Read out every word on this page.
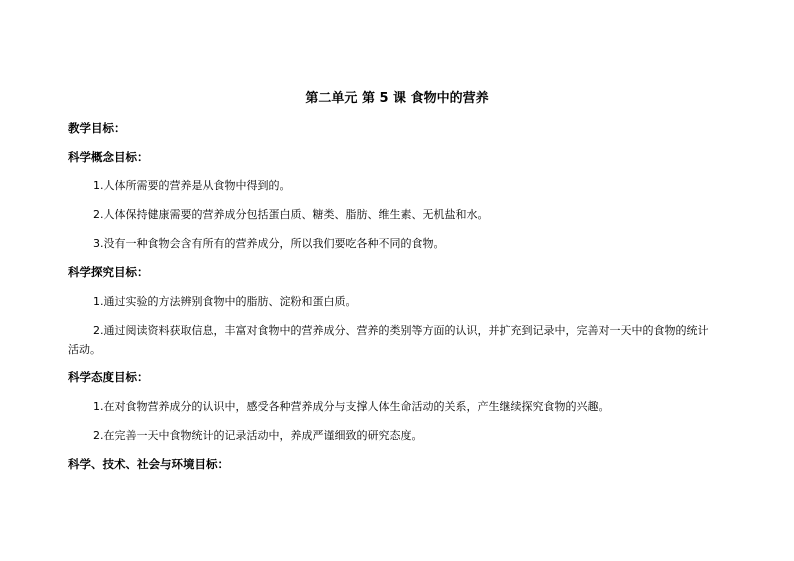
第二单元 第 5 课 食物中的营养
教学目标：
科学概念目标：
1.人体所需要的营养是从食物中得到的。
2.人体保持健康需要的营养成分包括蛋白质、糖类、脂肪、维生素、无机盐和水。
3.没有一种食物会含有所有的营养成分，所以我们要吃各种不同的食物。
科学探究目标：
1.通过实验的方法辨别食物中的脂肪、淀粉和蛋白质。
2.通过阅读资料获取信息，丰富对食物中的营养成分、营养的类别等方面的认识，并扩充到记录中，完善对一天中的食物的统计
活动。
科学态度目标：
1.在对食物营养成分的认识中，感受各种营养成分与支撑人体生命活动的关系，产生继续探究食物的兴趣。
2.在完善一天中食物统计的记录活动中，养成严谨细致的研究态度。
科学、技术、社会与环境目标：
